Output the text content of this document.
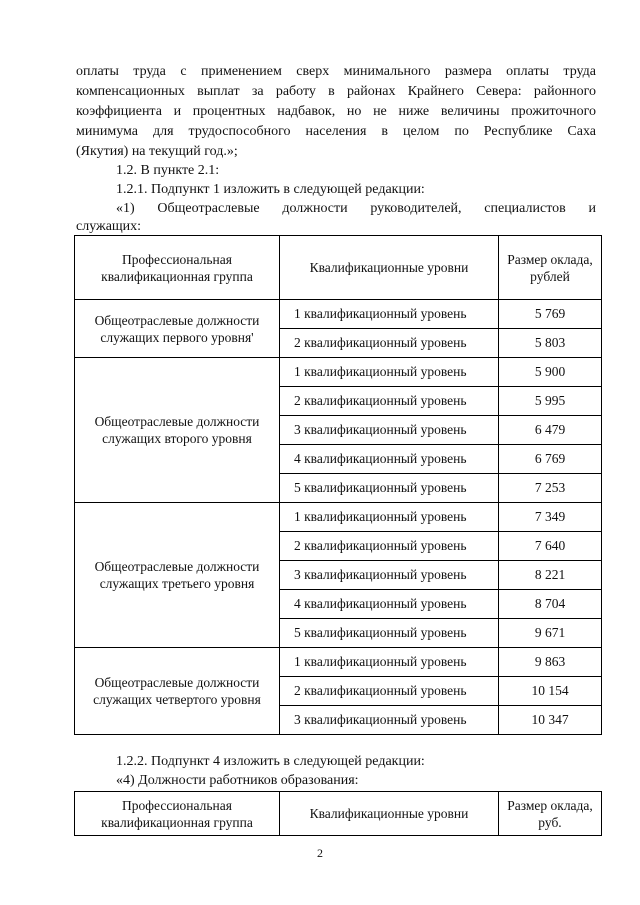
оплаты труда с применением сверх минимального размера оплаты труда

компенсационных выплат за работу в районах Крайнего Севера: районного

коэффициента и процентных надбавок, но не ниже величины прожиточного

минимума для трудоспособного населения в целом по Республике Саха

(Якутия) на текущий год.»;

1.2. В пункте 2.1:

1.2.1. Подпункт 1 изложить в следующей редакции:

«1) Общеотраслевые должности руководителей, специалистов и

служащих:

Профессиональная квалификационная группа	Квалификационные уровни	Размер оклада, рублей
Общеотраслевые должности служащих первого уровня'	1 квалификационный уровень	5 769
	2 квалификационный уровень	5 803
Общеотраслевые должности служащих второго уровня	1 квалификационный уровень	5 900
	2 квалификационный уровень	5 995
	3 квалификационный уровень	6 479
	4 квалификационный уровень	6 769
	5 квалификационный уровень	7 253
Общеотраслевые должности служащих третьего уровня	1 квалификационный уровень	7 349
	2 квалификационный уровень	7 640
	3 квалификационный уровень	8 221
	4 квалификационный уровень	8 704
	5 квалификационный уровень	9 671
Общеотраслевые должности служащих четвертого уровня	1 квалификационный уровень	9 863
	2 квалификационный уровень	10 154
	3 квалификационный уровень	10 347

1.2.2. Подпункт 4 изложить в следующей редакции:

«4) Должности работников образования:

Профессиональная квалификационная группа	Квалификационные уровни	Размер оклада, руб.
2
